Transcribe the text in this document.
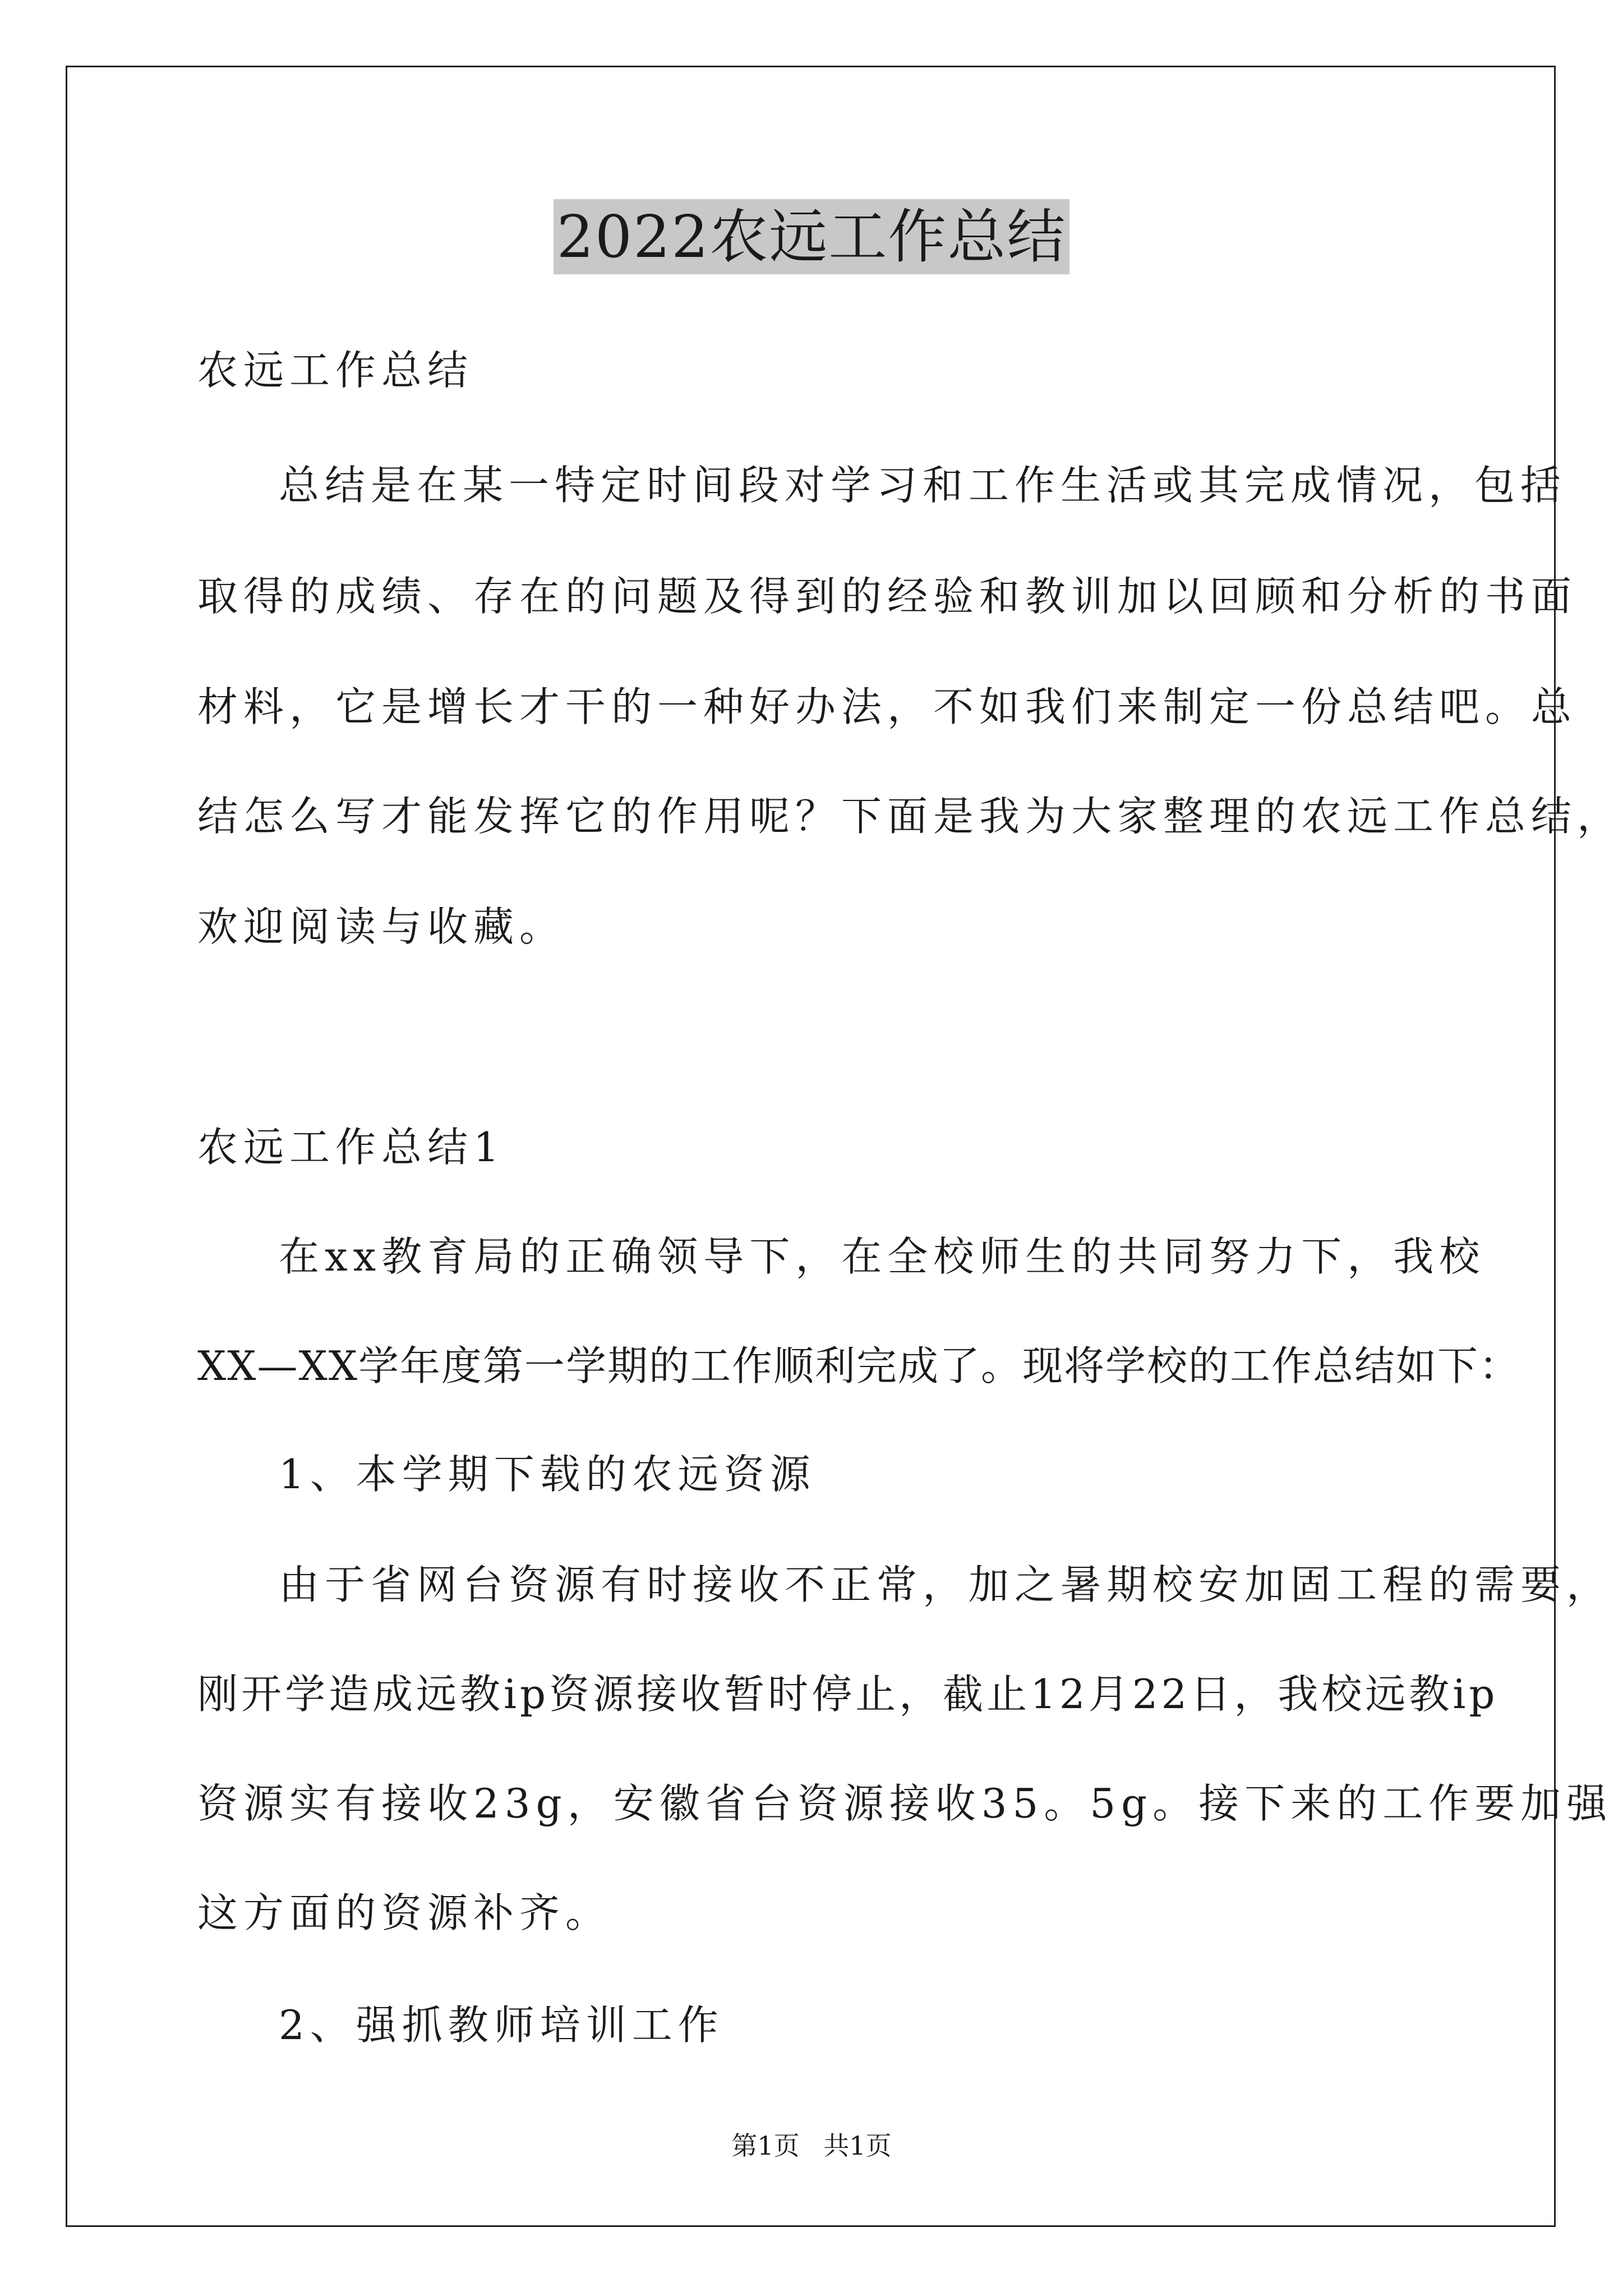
2022农远工作总结
农远工作总结
总结是在某一特定时间段对学习和工作生活或其完成情况，包括
取得的成绩、存在的问题及得到的经验和教训加以回顾和分析的书面
材料，它是增长才干的一种好办法，不如我们来制定一份总结吧。总
结怎么写才能发挥它的作用呢？下面是我为大家整理的农远工作总结，
欢迎阅读与收藏。
农远工作总结1
在xx教育局的正确领导下，在全校师生的共同努力下，我校
XX—XX学年度第一学期的工作顺利完成了。现将学校的工作总结如下：
1、本学期下载的农远资源
由于省网台资源有时接收不正常，加之暑期校安加固工程的需要，
刚开学造成远教ip资源接收暂时停止，截止12月22日，我校远教ip
资源实有接收23g，安徽省台资源接收35。5g。接下来的工作要加强
这方面的资源补齐。
2、强抓教师培训工作
第1页 共1页
